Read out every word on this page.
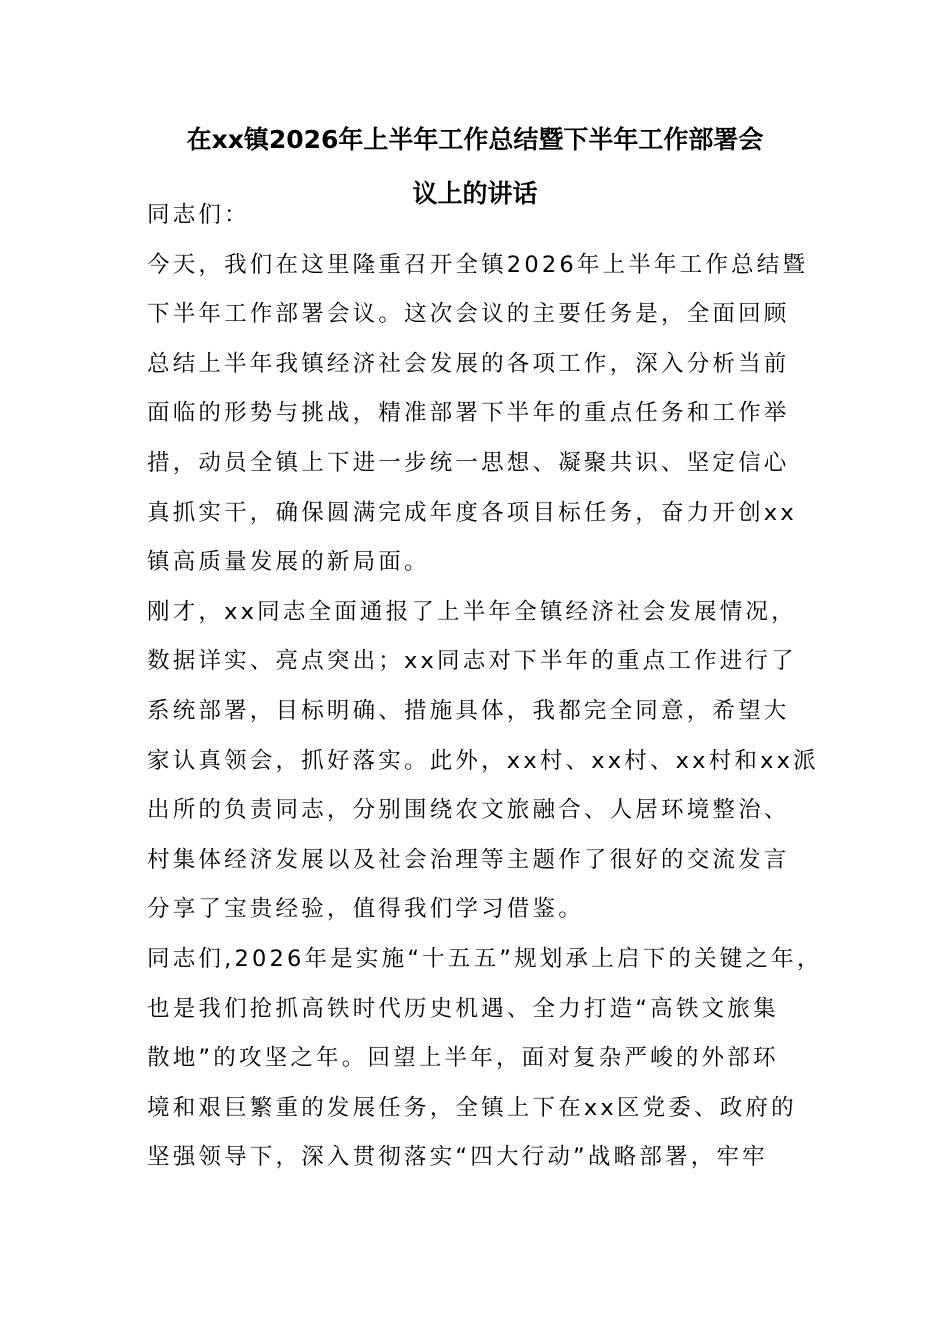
在xx镇2026年上半年工作总结暨下半年工作部署会
议上的讲话
同志们：
今天，我们在这里隆重召开全镇2026年上半年工作总结暨
下半年工作部署会议。这次会议的主要任务是，全面回顾
总结上半年我镇经济社会发展的各项工作，深入分析当前
面临的形势与挑战，精准部署下半年的重点任务和工作举
措，动员全镇上下进一步统一思想、凝聚共识、坚定信心
真抓实干，确保圆满完成年度各项目标任务，奋力开创xx
镇高质量发展的新局面。
刚才，xx同志全面通报了上半年全镇经济社会发展情况，
数据详实、亮点突出；xx同志对下半年的重点工作进行了
系统部署，目标明确、措施具体，我都完全同意，希望大
家认真领会，抓好落实。此外，xx村、xx村、xx村和xx派
出所的负责同志，分别围绕农文旅融合、人居环境整治、
村集体经济发展以及社会治理等主题作了很好的交流发言
分享了宝贵经验，值得我们学习借鉴。
同志们,2026年是实施“十五五”规划承上启下的关键之年，
也是我们抢抓高铁时代历史机遇、全力打造“高铁文旅集
散地”的攻坚之年。回望上半年，面对复杂严峻的外部环
境和艰巨繁重的发展任务，全镇上下在xx区党委、政府的
坚强领导下，深入贯彻落实“四大行动”战略部署，牢牢
